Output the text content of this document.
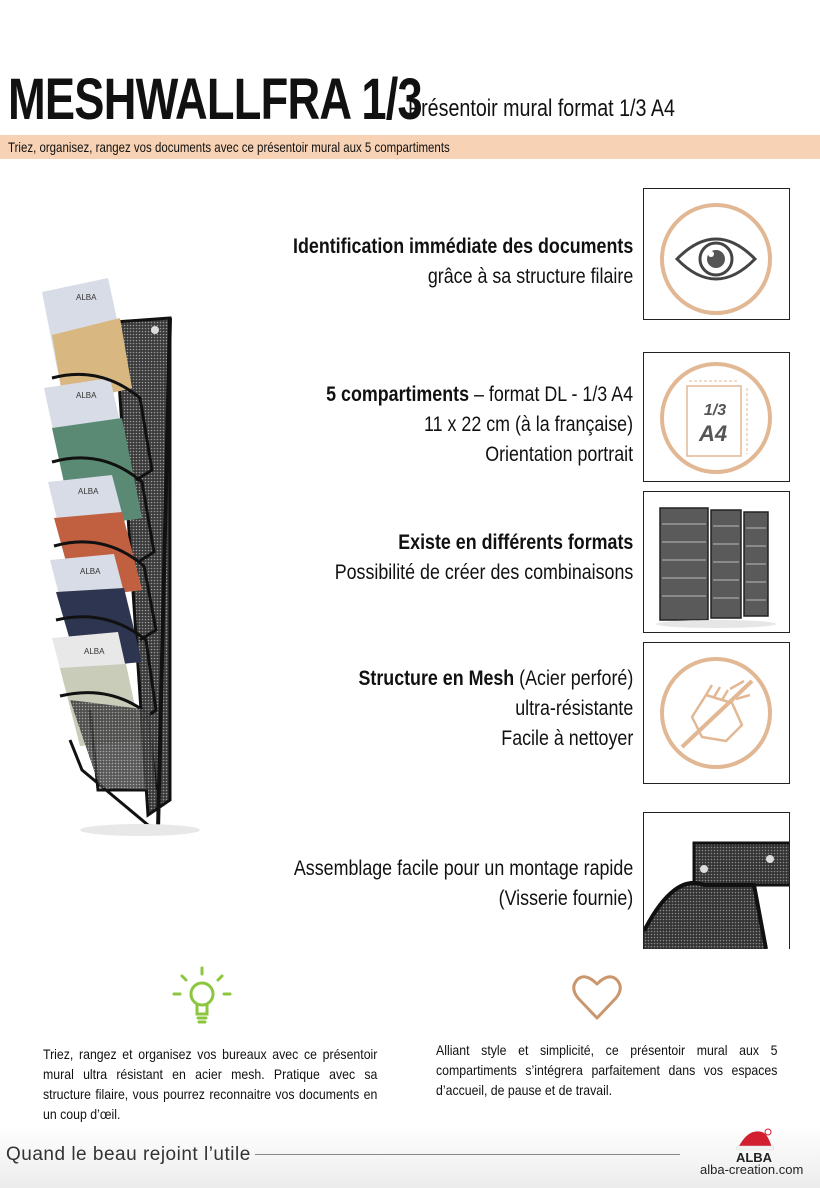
MESHWALLFRA 1/3
Présentoir mural format 1/3 A4
Triez, organisez, rangez vos documents avec ce présentoir mural aux 5 compartiments
ALBA
ALBA
ALBA
ALBA
ALBA
Identification immédiate des documents
grâce à sa structure filaire
5 compartiments – format DL - 1/3 A4
11 x 22 cm (à la française)
Orientation portrait
1/3
A4
Existe en différents formats
Possibilité de créer des combinaisons
Structure en Mesh (Acier perforé)
ultra-résistante
Facile à nettoyer
Assemblage facile pour un montage rapide
(Visserie fournie)
Triez, rangez et organisez vos bureaux avec ce présentoir mural ultra résistant en acier mesh. Pratique avec sa structure filaire, vous pourrez reconnaitre vos documents en un coup d’œil.
Alliant style et simplicité, ce présentoir mural aux 5 compartiments s’intégrera parfaitement dans vos espaces d’accueil, de pause et de travail.
Quand le beau rejoint l’utile	ALBA
alba-creation.com
